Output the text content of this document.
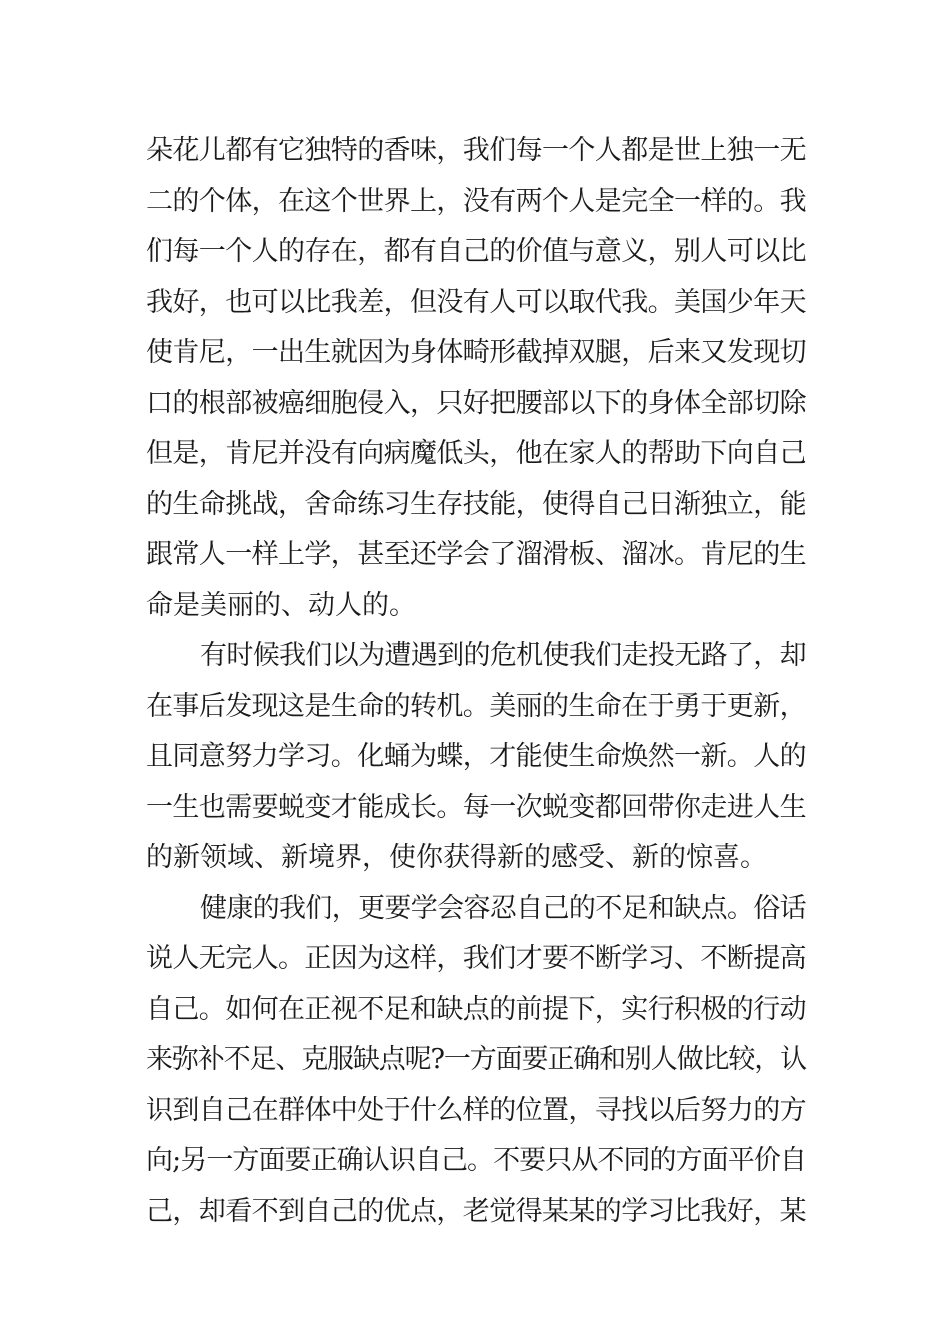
朵花儿都有它独特的香味，我们每一个人都是世上独一无
二的个体，在这个世界上，没有两个人是完全一样的。我
们每一个人的存在，都有自己的价值与意义，别人可以比
我好，也可以比我差，但没有人可以取代我。美国少年天
使肯尼，一出生就因为身体畸形截掉双腿，后来又发现切
口的根部被癌细胞侵入，只好把腰部以下的身体全部切除
但是，肯尼并没有向病魔低头，他在家人的帮助下向自己
的生命挑战，舍命练习生存技能，使得自己日渐独立，能
跟常人一样上学，甚至还学会了溜滑板、溜冰。肯尼的生
命是美丽的、动人的。
有时候我们以为遭遇到的危机使我们走投无路了，却
在事后发现这是生命的转机。美丽的生命在于勇于更新，
且同意努力学习。化蛹为蝶，才能使生命焕然一新。人的
一生也需要蜕变才能成长。每一次蜕变都回带你走进人生
的新领域、新境界，使你获得新的感受、新的惊喜。
健康的我们，更要学会容忍自己的不足和缺点。俗话
说人无完人。正因为这样，我们才要不断学习、不断提高
自己。如何在正视不足和缺点的前提下，实行积极的行动
来弥补不足、克服缺点呢?一方面要正确和别人做比较，认
识到自己在群体中处于什么样的位置，寻找以后努力的方
向;另一方面要正确认识自己。不要只从不同的方面平价自
己，却看不到自己的优点，老觉得某某的学习比我好，某
